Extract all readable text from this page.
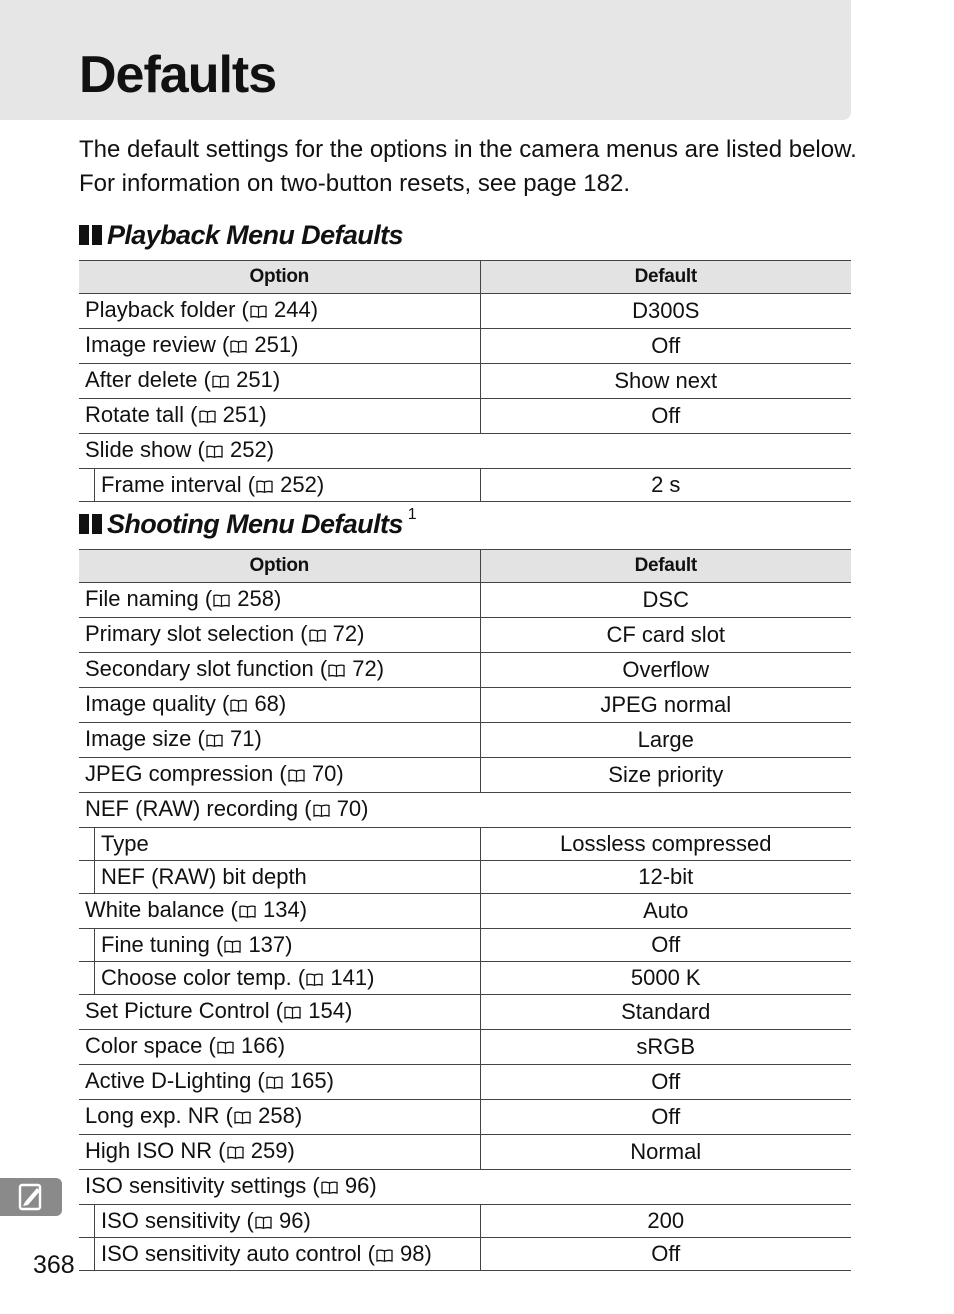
Defaults

The default settings for the options in the camera menus are listed below. For information on two-button resets, see page 182.

Playback Menu Defaults
Option	Default
Playback folder ( 244)	D300S
Image review ( 251)	Off
After delete ( 251)	Show next
Rotate tall ( 251)	Off
Slide show ( 252)	

Frame interval ( 252)	2 s
Shooting Menu Defaults 1
Option	Default
File naming ( 258)	DSC
Primary slot selection ( 72)	CF card slot
Secondary slot function ( 72)	Overflow
Image quality ( 68)	JPEG normal
Image size ( 71)	Large
JPEG compression ( 70)	Size priority
NEF (RAW) recording ( 70)	

Type	Lossless compressed

NEF (RAW) bit depth	12-bit
White balance ( 134)	Auto

Fine tuning ( 137)	Off

Choose color temp. ( 141)	5000 K
Set Picture Control ( 154)	Standard
Color space ( 166)	sRGB
Active D-Lighting ( 165)	Off
Long exp. NR ( 258)	Off
High ISO NR ( 259)	Normal
ISO sensitivity settings ( 96)	

ISO sensitivity ( 96)	200

ISO sensitivity auto control ( 98)	Off

368
